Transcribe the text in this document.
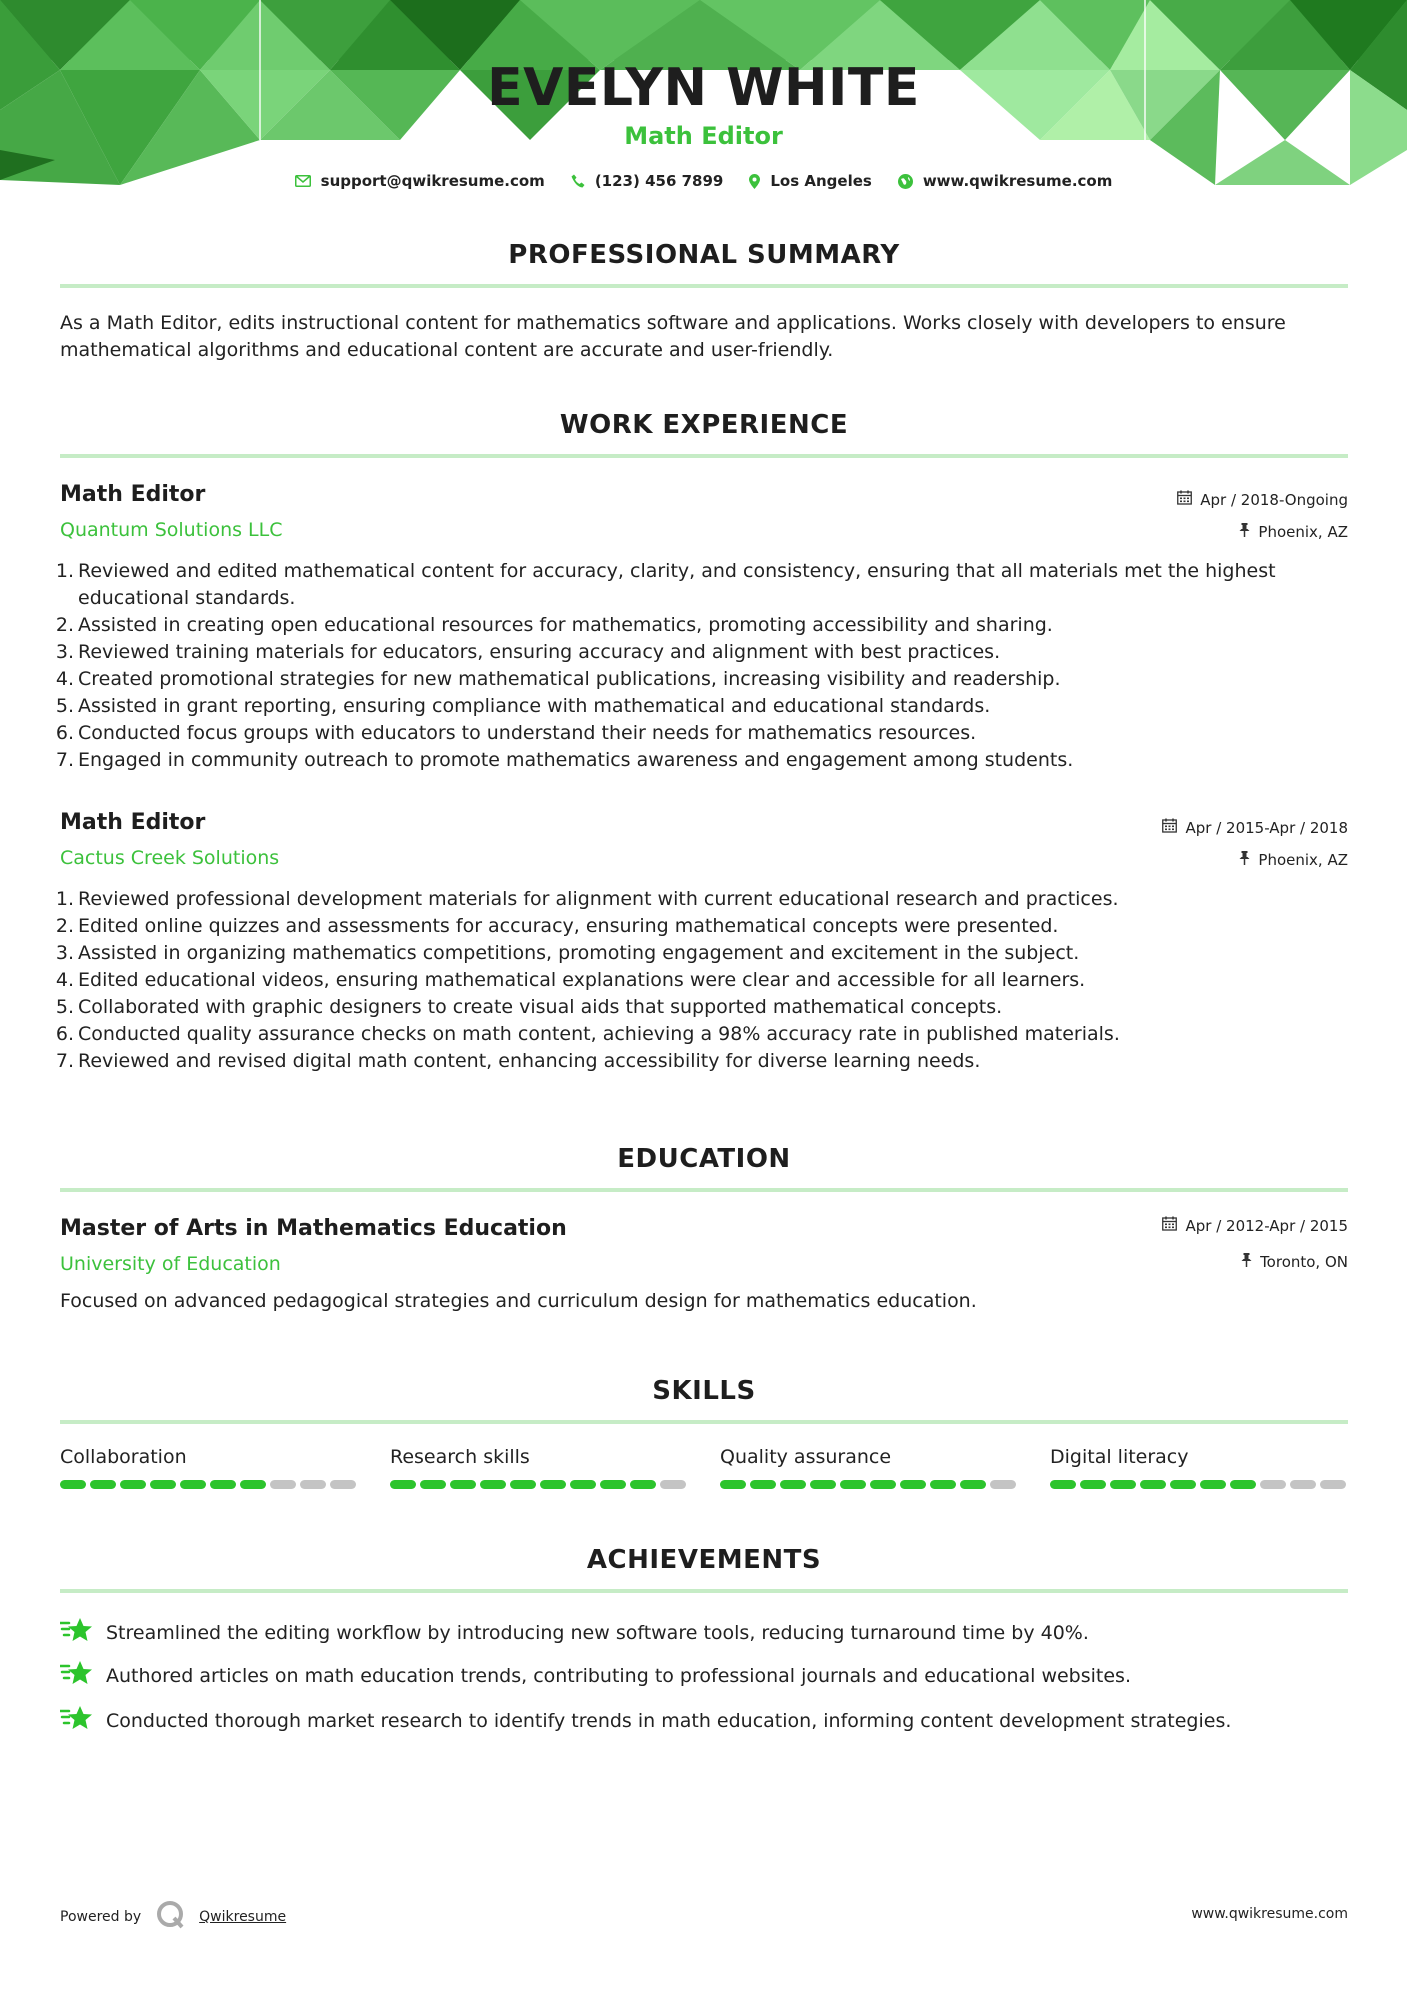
EVELYN WHITE
Math Editor
support@qwikresume.com	(123) 456 7899	Los Angeles	www.qwikresume.com
PROFESSIONAL SUMMARY
As a Math Editor, edits instructional content for mathematics software and applications. Works closely with developers to ensure mathematical algorithms and educational content are accurate and user-friendly.
WORK EXPERIENCE
Math Editor	Apr / 2018-Ongoing
Quantum Solutions LLC	Phoenix, AZ
1. Reviewed and edited mathematical content for accuracy, clarity, and consistency, ensuring that all materials met the highest educational standards.
2. Assisted in creating open educational resources for mathematics, promoting accessibility and sharing.
3. Reviewed training materials for educators, ensuring accuracy and alignment with best practices.
4. Created promotional strategies for new mathematical publications, increasing visibility and readership.
5. Assisted in grant reporting, ensuring compliance with mathematical and educational standards.
6. Conducted focus groups with educators to understand their needs for mathematics resources.
7. Engaged in community outreach to promote mathematics awareness and engagement among students.
Math Editor	Apr / 2015-Apr / 2018
Cactus Creek Solutions	Phoenix, AZ
1. Reviewed professional development materials for alignment with current educational research and practices.
2. Edited online quizzes and assessments for accuracy, ensuring mathematical concepts were presented.
3. Assisted in organizing mathematics competitions, promoting engagement and excitement in the subject.
4. Edited educational videos, ensuring mathematical explanations were clear and accessible for all learners.
5. Collaborated with graphic designers to create visual aids that supported mathematical concepts.
6. Conducted quality assurance checks on math content, achieving a 98% accuracy rate in published materials.
7. Reviewed and revised digital math content, enhancing accessibility for diverse learning needs.
EDUCATION
Master of Arts in Mathematics Education	Apr / 2012-Apr / 2015
University of Education	Toronto, ON
Focused on advanced pedagogical strategies and curriculum design for mathematics education.
SKILLS
Collaboration	Research skills	Quality assurance	Digital literacy
ACHIEVEMENTS
Streamlined the editing workflow by introducing new software tools, reducing turnaround time by 40%.
Authored articles on math education trends, contributing to professional journals and educational websites.
Conducted thorough market research to identify trends in math education, informing content development strategies.
Powered by	Qwikresume	www.qwikresume.com
